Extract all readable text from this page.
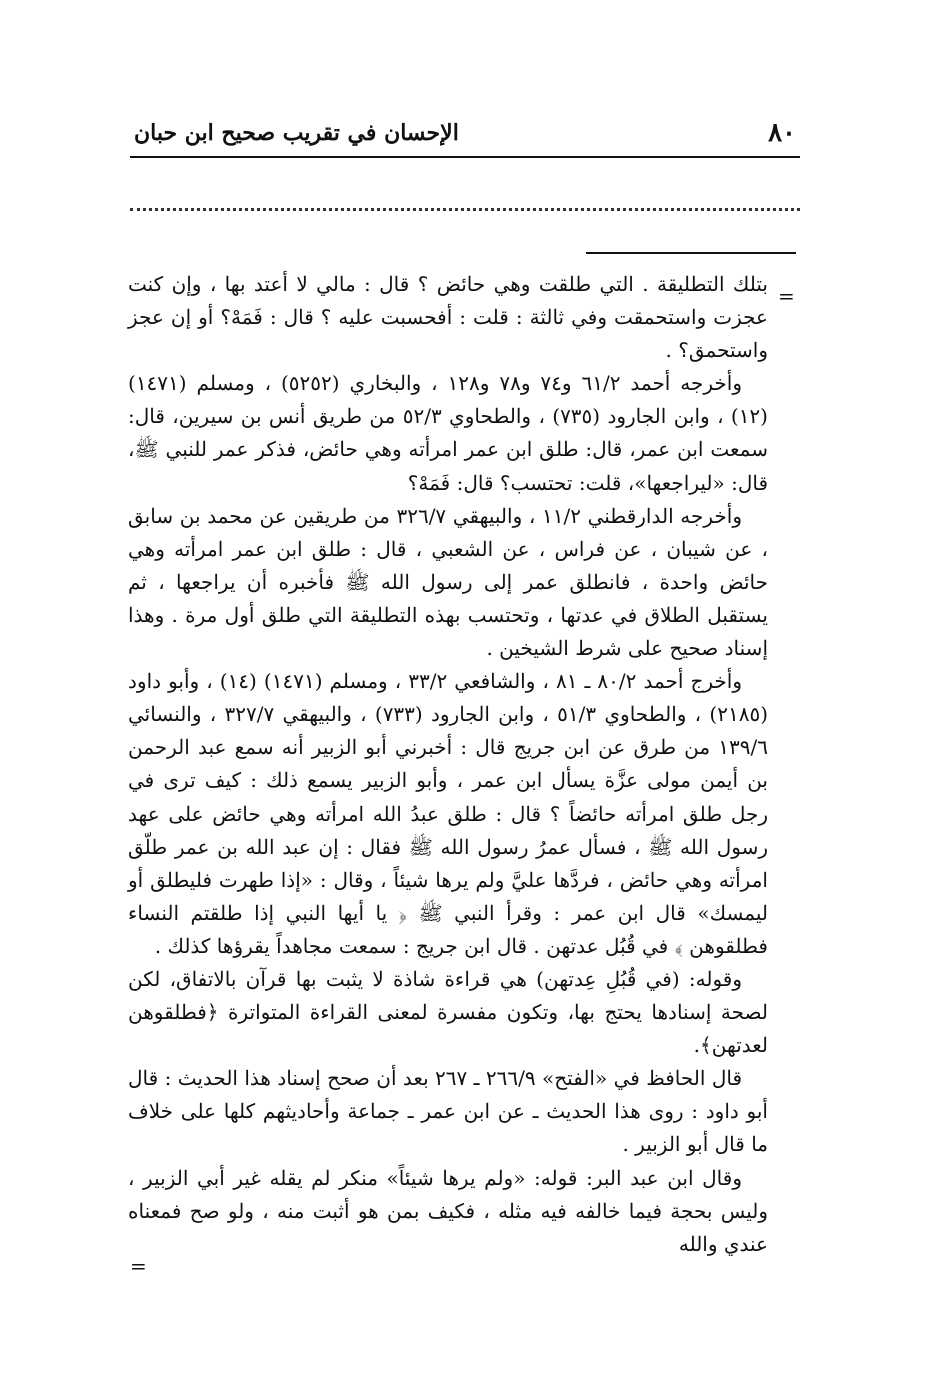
٨٠
الإحسان في تقريب صحيح ابن حبان
=

بتلك التطليقة . التي طلقت وهي حائض ؟ قال : مالي لا أعتد بها ، وإن كنت عجزت واستحمقت وفي ثالثة : قلت : أفحسبت عليه ؟ قال : فَمَهْ؟ أو إن عجز واستحمق؟ .

وأخرجه أحمد ٦١/٢ و٧٤ و٧٨ و١٢٨ ، والبخاري (٥٢٥٢) ، ومسلم (١٤٧١) (١٢) ، وابن الجارود (٧٣٥) ، والطحاوي ٥٢/٣ من طريق أنس بن سيرين، قال: سمعت ابن عمر، قال: طلق ابن عمر امرأته وهي حائض، فذكر عمر للنبي ﷺ، قال: «ليراجعها»، قلت: تحتسب؟ قال: فَمَهْ؟

وأخرجه الدارقطني ١١/٢ ، والبيهقي ٣٢٦/٧ من طريقين عن محمد بن سابق ، عن شيبان ، عن فراس ، عن الشعبي ، قال : طلق ابن عمر امرأته وهي حائض واحدة ، فانطلق عمر إلى رسول الله ﷺ فأخبره أن يراجعها ، ثم يستقبل الطلاق في عدتها ، وتحتسب بهذه التطليقة التي طلق أول مرة . وهذا إسناد صحيح على شرط الشيخين .

وأخرج أحمد ٨٠/٢ ـ ٨١ ، والشافعي ٣٣/٢ ، ومسلم (١٤٧١) (١٤) ، وأبو داود (٢١٨٥) ، والطحاوي ٥١/٣ ، وابن الجارود (٧٣٣) ، والبيهقي ٣٢٧/٧ ، والنسائي ١٣٩/٦ من طرق عن ابن جريج قال : أخبرني أبو الزبير أنه سمع عبد الرحمن بن أيمن مولى عزَّة يسأل ابن عمر ، وأبو الزبير يسمع ذلك : كيف ترى في رجل طلق امرأته حائضاً ؟ قال : طلق عبدُ الله امرأته وهي حائض على عهد رسول الله ﷺ ، فسأل عمرُ رسول الله ﷺ فقال : إن عبد الله بن عمر طلّق امرأته وهي حائض ، فردَّها عليَّ ولم يرها شيئاً ، وقال : «إذا طهرت فليطلق أو ليمسك» قال ابن عمر : وقرأ النبي ﷺ ﴿ يا أيها النبي إذا طلقتم النساء فطلقوهن ﴾ في قُبُل عدتهن . قال ابن جريج : سمعت مجاهداً يقرؤها كذلك .

وقوله: (في قُبُلِ عِدتهن) هي قراءة شاذة لا يثبت بها قرآن بالاتفاق، لكن لصحة إسنادها يحتج بها، وتكون مفسرة لمعنى القراءة المتواترة ﴿فطلقوهن لعدتهن﴾.

قال الحافظ في «الفتح» ٢٦٦/٩ ـ ٢٦٧ بعد أن صحح إسناد هذا الحديث : قال أبو داود : روى هذا الحديث ـ عن ابن عمر ـ جماعة وأحاديثهم كلها على خلاف ما قال أبو الزبير .

وقال ابن عبد البر: قوله: «ولم يرها شيئاً» منكر لم يقله غير أبي الزبير ، وليس بحجة فيما خالفه فيه مثله ، فكيف بمن هو أثبت منه ، ولو صح فمعناه عندي والله

=
